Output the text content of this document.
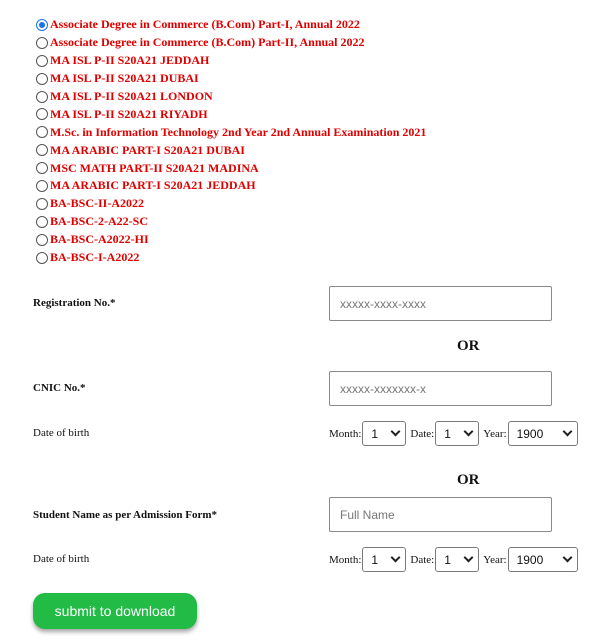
Associate Degree in Commerce (B.Com) Part-I, Annual 2022
Associate Degree in Commerce (B.Com) Part-II, Annual 2022
MA ISL P-II S20A21 JEDDAH
MA ISL P-II S20A21 DUBAI
MA ISL P-II S20A21 LONDON
MA ISL P-II S20A21 RIYADH
M.Sc. in Information Technology 2nd Year 2nd Annual Examination 2021
MA ARABIC PART-I S20A21 DUBAI
MSC MATH PART-II S20A21 MADINA
MA ARABIC PART-I S20A21 JEDDAH
BA-BSC-II-A2022
BA-BSC-2-A22-SC
BA-BSC-A2022-HI
BA-BSC-I-A2022
Registration No.*
xxxxx-xxxx-xxxx
OR
CNIC No.*
xxxxx-xxxxxxx-x
Date of birth	Month: 1	Date: 1	Year: 1900
OR
Student Name as per Admission Form*
Full Name
Date of birth	Month: 1	Date: 1	Year: 1900
submit to download
